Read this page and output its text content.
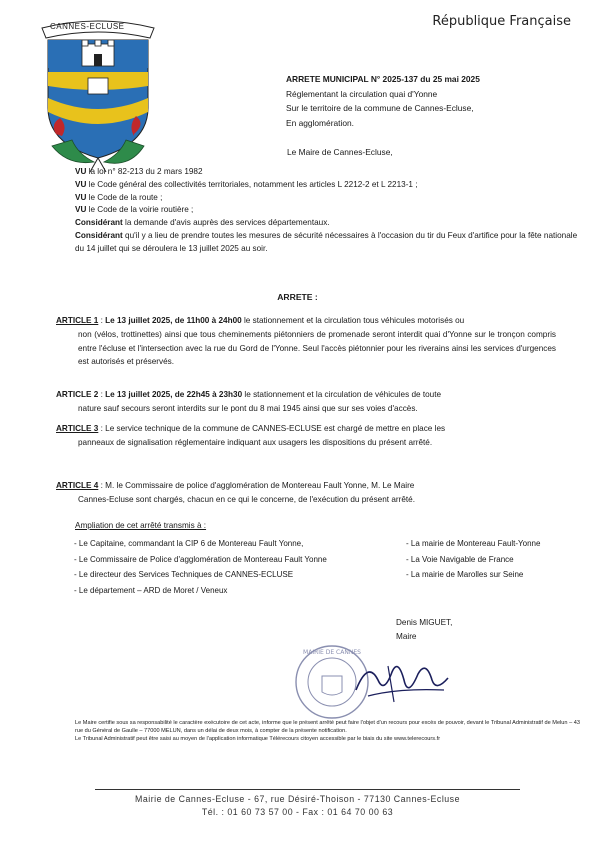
CANNES-ECLUSE	République Française
ARRETE MUNICIPAL N° 2025-137 du 25 mai 2025
Réglementant la circulation quai d'Yonne
Sur le territoire de la commune de Cannes-Ecluse,
En agglomération.
Le Maire de Cannes-Ecluse,

VU la loi n° 82-213 du 2 mars 1982

VU le Code général des collectivités territoriales, notamment les articles L 2212-2 et L 2213-1 ;

VU le Code de la route ;

VU le Code de la voirie routière ;

Considérant la demande d'avis auprès des services départementaux.

Considérant qu'il y a lieu de prendre toutes les mesures de sécurité nécessaires à l'occasion du tir du Feux d'artifice pour la fête nationale du 14 juillet qui se déroulera le 13 juillet 2025 au soir.

ARRETE :
ARTICLE 1 : Le 13 juillet 2025, de 11h00 à 24h00 le stationnement et la circulation tous véhicules motorisés ou
non (vélos, trottinettes) ainsi que tous cheminements piétonniers de promenade seront interdit quai d'Yonne sur le tronçon compris entre l'écluse et l'intersection avec la rue du Gord de l'Yonne. Seul l'accès piétonnier pour les riverains ainsi les services d'urgences est autorisés et préservés.
ARTICLE 2 : Le 13 juillet 2025, de 22h45 à 23h30 le stationnement et la circulation de véhicules de toute
nature sauf secours seront interdits sur le pont du 8 mai 1945 ainsi que sur ses voies d'accès.
ARTICLE 3 : Le service technique de la commune de CANNES-ECLUSE est chargé de mettre en place les
panneaux de signalisation réglementaire indiquant aux usagers les dispositions du présent arrêté.
ARTICLE 4 : M. le Commissaire de police d'agglomération de Montereau Fault Yonne, M. Le Maire
Cannes-Ecluse sont chargés, chacun en ce qui le concerne, de l'exécution du présent arrêté.
Ampliation de cet arrêté transmis à :
- Le Capitaine, commandant la CIP 6 de Montereau Fault Yonne,
- Le Commissaire de Police d'agglomération de Montereau Fault Yonne
- Le directeur des Services Techniques de CANNES-ECLUSE
- Le département – ARD de Moret / Veneux
- La mairie de Montereau Fault-Yonne
- La Voie Navigable de France
- La mairie de Marolles sur Seine
Denis MIGUET,
Maire
MAIRIE DE CANNES

Le Maire certifie sous sa responsabilité le caractère exécutoire de cet acte, informe que le présent arrêté peut faire l'objet d'un recours pour excès de pouvoir, devant le Tribunal Administratif de Melun – 43 rue du Général de Gaulle – 77000 MELUN, dans un délai de deux mois, à compter de la présente notification.

Le Tribunal Administratif peut être saisi au moyen de l'application informatique Télérecours citoyen accessible par le biais du site www.telerecours.fr

Mairie de Cannes-Ecluse - 67, rue Désiré-Thoison - 77130 Cannes-Ecluse
Tél. : 01 60 73 57 00 - Fax : 01 64 70 00 63
